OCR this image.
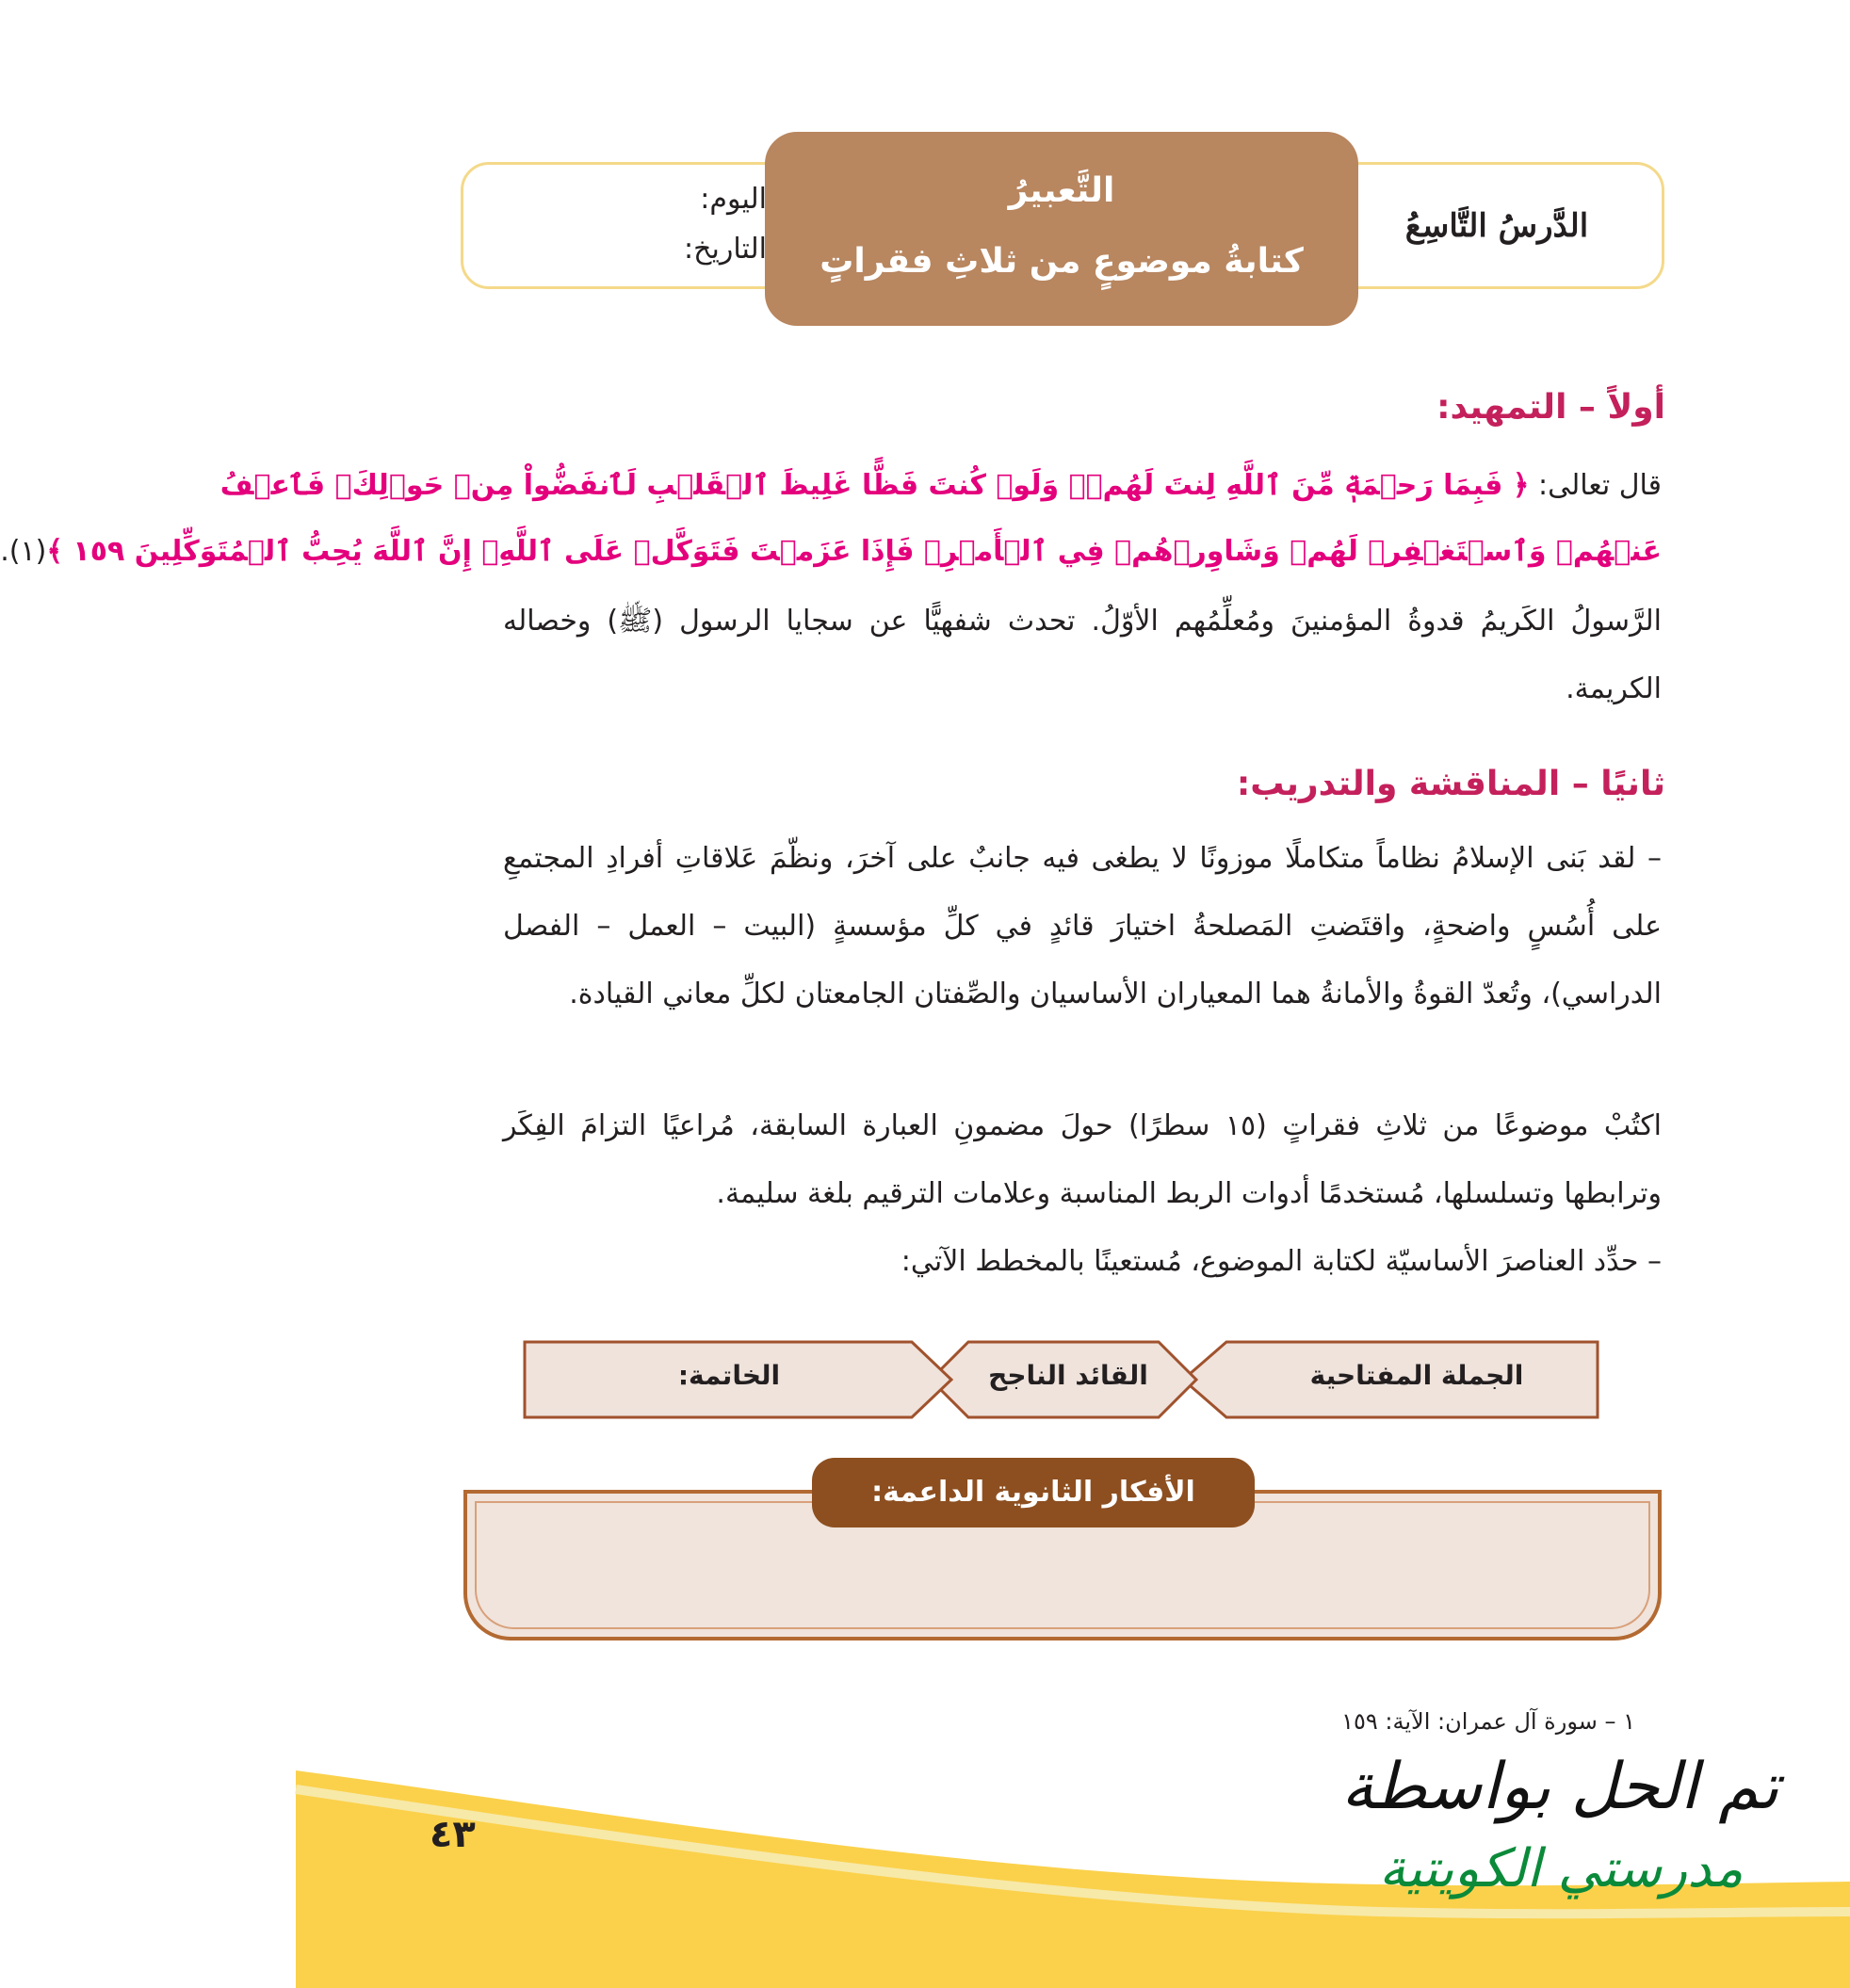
الدَّرسُ التَّاسِعُ
التَّعبيرُ
كتابةُ موضوعٍ من ثلاثِ فقراتٍ
اليوم:
التاريخ:
أولاً – التمهيد:
قال تعالى: ﴿ فَبِمَا رَحۡمَةٖ مِّنَ ٱللَّهِ لِنتَ لَهُمۡۖ وَلَوۡ كُنتَ فَظًّا غَلِيظَ ٱلۡقَلۡبِ لَٱنفَضُّواْ مِنۡ حَوۡلِكَۖ فَٱعۡفُ
عَنۡهُمۡ وَٱسۡتَغۡفِرۡ لَهُمۡ وَشَاوِرۡهُمۡ فِي ٱلۡأَمۡرِۖ فَإِذَا عَزَمۡتَ فَتَوَكَّلۡ عَلَى ٱللَّهِۚ إِنَّ ٱللَّهَ يُحِبُّ ٱلۡمُتَوَكِّلِينَ ١٥٩ ﴾(١).
الرَّسولُ الكَريمُ قدوةُ المؤمنينَ ومُعلِّمُهم الأوّلُ. تحدث شفهيًّا عن سجايا الرسول (ﷺ) وخصاله الكريمة.
ثانيًا – المناقشة والتدريب:
– لقد بَنى الإسلامُ نظاماً متكاملًا موزونًا لا يطغى فيه جانبٌ على آخرَ، ونظّمَ عَلاقاتِ أفرادِ المجتمعِ على أُسُسٍ واضحةٍ، واقتَضتِ المَصلحةُ اختيارَ قائدٍ في كلِّ مؤسسةٍ (البيت – العمل – الفصل الدراسي)، وتُعدّ القوةُ والأمانةُ هما المعياران الأساسيان والصِّفتان الجامعتان لكلِّ معاني القيادة.
اكتُبْ موضوعًا من ثلاثِ فقراتٍ (١٥ سطرًا) حولَ مضمونِ العبارة السابقة، مُراعيًا التزامَ الفِكَر وترابطها وتسلسلها، مُستخدمًا أدوات الربط المناسبة وعلامات الترقيم بلغة سليمة.
– حدِّد العناصرَ الأساسيّة لكتابة الموضوع، مُستعينًا بالمخطط الآتي:
الجملة المفتاحية
القائد الناجح
الخاتمة:
الأفكار الثانوية الداعمة:
١ – سورة آل عمران: الآية: ١٥٩
٤٣
تم الحل بواسطة
مدرستي الكويتية
